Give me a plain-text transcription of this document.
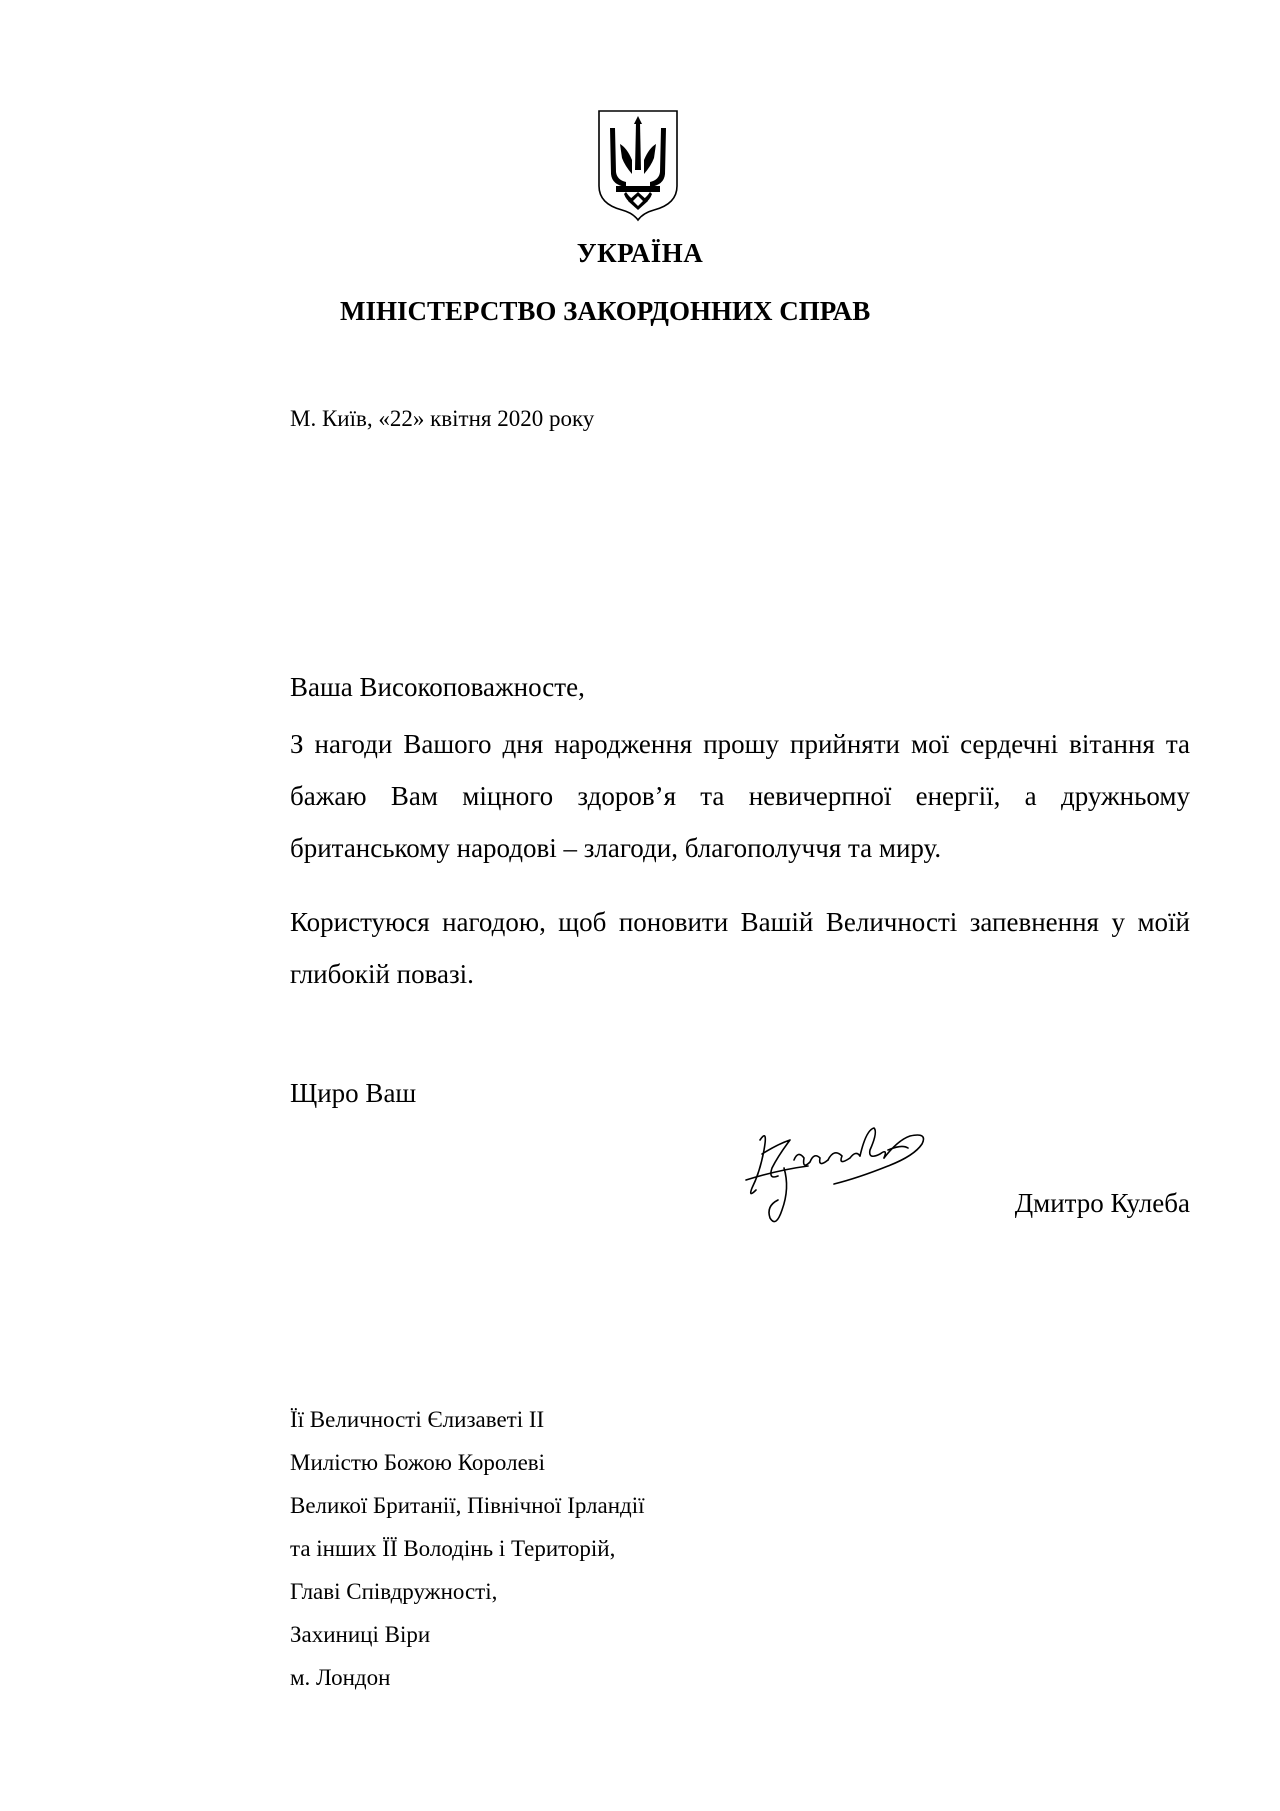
УКРАЇНА
МІНІСТЕРСТВО ЗАКОРДОННИХ СПРАВ
М. Київ, «22» квітня 2020 року
Ваша Високоповажносте,
З нагоди Вашого дня народження прошу прийняти мої сердечні вітання та бажаю Вам міцного здоров’я та невичерпної енергії, а дружньому британському народові – злагоди, благополуччя та миру.
Користуюся нагодою, щоб поновити Вашій Величності запевнення у моїй глибокій повазі.
Щиро Ваш
Дмитро Кулеба
Її Величності Єлизаветі ІІ
Милістю Божою Королеві
Великої Британії, Північної Ірландії
та інших ЇЇ Володінь і Територій,
Главі Співдружності,
Захиниці Віри
м. Лондон
